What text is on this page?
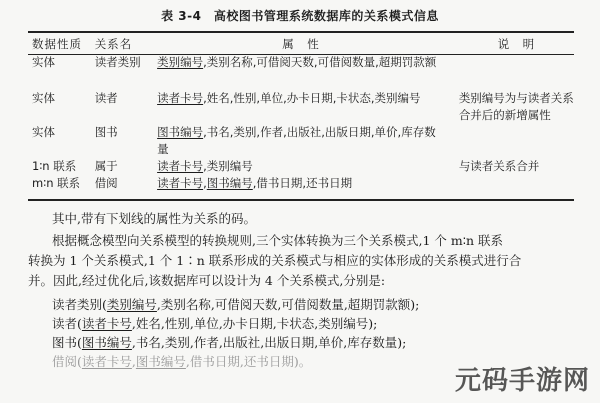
表 3-4　高校图书管理系统数据库的关系模式信息
数据性质	关系名	属　性	说　明
实体	读者类别	类别编号,类别名称,可借阅天数,可借阅数量,超期罚款额	
实体	读者	读者卡号,姓名,性别,单位,办卡日期,卡状态,类别编号	类别编号为与读者关系合并后的新增属性
实体	图书	图书编号,书名,类别,作者,出版社,出版日期,单价,库存数量	
1∶n 联系	属于	读者卡号,类别编号	与读者关系合并
m∶n 联系	借阅	读者卡号,图书编号,借书日期,还书日期	
其中,带有下划线的属性为关系的码。
根据概念模型向关系模型的转换规则,三个实体转换为三个关系模式,1 个 m∶n 联系
转换为 1 个关系模式,1 个 1∶n 联系形成的关系模式与相应的实体形成的关系模式进行合
并。因此,经过优化后,该数据库可以设计为 4 个关系模式,分别是:
读者类别(类别编号,类别名称,可借阅天数,可借阅数量,超期罚款额);
读者(读者卡号,姓名,性别,单位,办卡日期,卡状态,类别编号);
图书(图书编号,书名,类别,作者,出版社,出版日期,单价,库存数量);
借阅(读者卡号,图书编号,借书日期,还书日期)。
元码手游网
